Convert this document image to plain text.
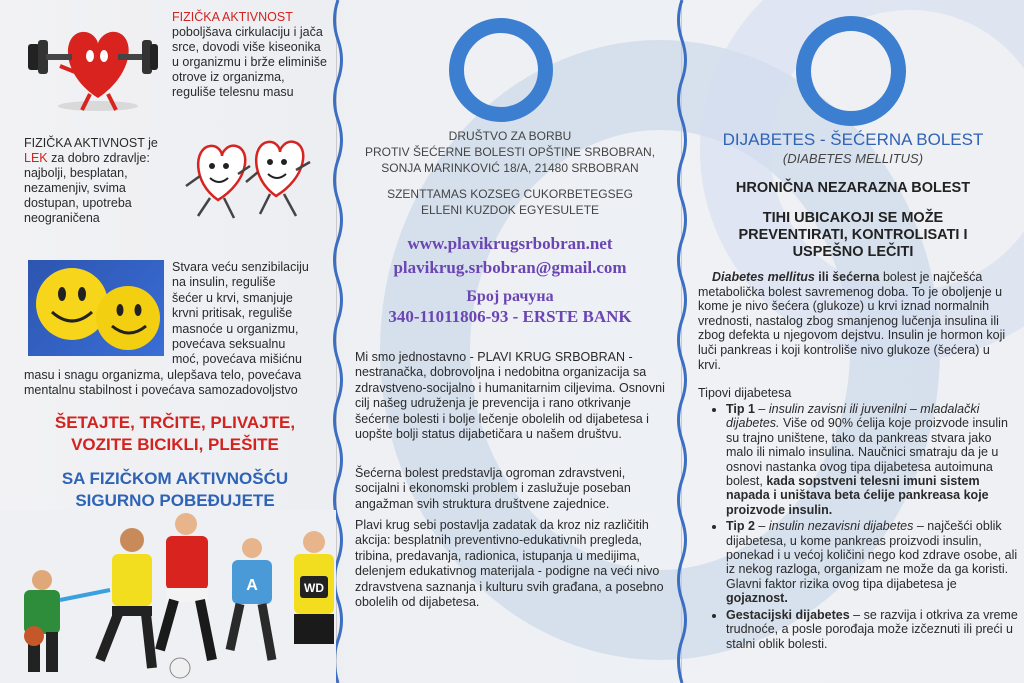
FIZIČKA AKTIVNOST
poboljšava cirkulaciju i jača srce, dovodi više kiseonika u organizmu i brže eliminiše otrove iz organizma, reguliše telesnu masu
FIZIČKA AKTIVNOST je
LEK za dobro zdravlje: najbolji, besplatan, nezamenjiv, svima dostupan, upotreba neograničena
Stvara veću senzibilaciju
na insulin, reguliše
šećer u krvi, smanjuje
krvni pritisak, reguliše
masnoće u organizmu,
povećava seksualnu
moć, povećava mišićnu
masu i snagu organizma, ulepšava telo, povećava mentalnu stabilnost i povećava samozadovoljstvo
ŠETAJTE, TRČITE, PLIVAJTE, VOZITE BICIKLI, PLEŠITE
SA FIZIČKOM AKTIVNOŠĆU SIGURNO POBEĐUJETE
A	WD
DRUŠTVO ZA BORBU
PROTIV ŠEĆERNE BOLESTI OPŠTINE SRBOBRAN,
SONJA MARINKOVIĆ 18/A, 21480 SRBOBRAN
SZENTTAMAS KOZSEG CUKORBETEGSEG
ELLENI KUZDOK EGYESULETE
www.plavikrugsrbobran.net
plavikrug.srbobran@gmail.com
Број рачуна
340-11011806-93 - ERSTE BANK
Mi smo jednostavno - PLAVI KRUG SRBOBRAN - nestranačka, dobrovoljna i nedobitna organizacija sa zdravstveno-socijalno i humanitarnim ciljevima. Osnovni cilj našeg udruženja je prevencija i rano otkrivanje šećerne bolesti i bolje lečenje obolelih od dijabetesa i uopšte bolji status dijabetičara u našem društvu.
Šećerna bolest predstavlja ogroman zdravstveni, socijalni i ekonomski problem i zaslužuje poseban angažman svih struktura društvene zajednice.
Plavi krug sebi postavlja zadatak da kroz niz različitih akcija: besplatnih preventivno-edukativnih pregleda, tribina, predavanja, radionica, istupanja u medijima, delenjem edukativnog materijala - podigne na veći nivo zdravstvena saznanja i kulturu svih građana, a posebno obolelih od dijabetesa.
DIJABETES - ŠEĆERNA BOLEST
(DIABETES MELLITUS)
HRONIČNA NEZARAZNA BOLEST
TIHI UBICAKOJI SE MOŽE
PREVENTIRATI, KONTROLISATI I
USPEŠNO LEČITI
Diabetes mellitus ili šećerna bolest je najčešća metabolička bolest savremenog doba. To je oboljenje u kome je nivo šećera (glukoze) u krvi iznad normalnih vrednosti, nastalog zbog smanjenog lučenja insulina ili zbog defekta u njegovom dejstvu. Insulin je hormon koji luči pankreas i koji kontroliše nivo glukoze (šećera) u krvi.
Tipovi dijabetesa
• Tip 1 – insulin zavisni ili juvenilni – mladalački dijabetes. Više od 90% ćelija koje proizvode insulin su trajno uništene, tako da pankreas stvara jako malo ili nimalo insulina. Naučnici smatraju da je u osnovi nastanka ovog tipa dijabetesa autoimuna bolest, kada sopstveni telesni imuni sistem napada i uništava beta ćelije pankreasa koje proizvode insulin.
• Tip 2 – insulin nezavisni dijabetes – najčešći oblik dijabetesa, u kome pankreas proizvodi insulin, ponekad i u većoj količini nego kod zdrave osobe, ali iz nekog razloga, organizam ne može da ga koristi. Glavni faktor rizika ovog tipa dijabetesa je gojaznost.
• Gestacijski dijabetes – se razvija i otkriva za vreme trudnoće, a posle porođaja može izčeznuti ili preći u stalni oblik bolesti.
